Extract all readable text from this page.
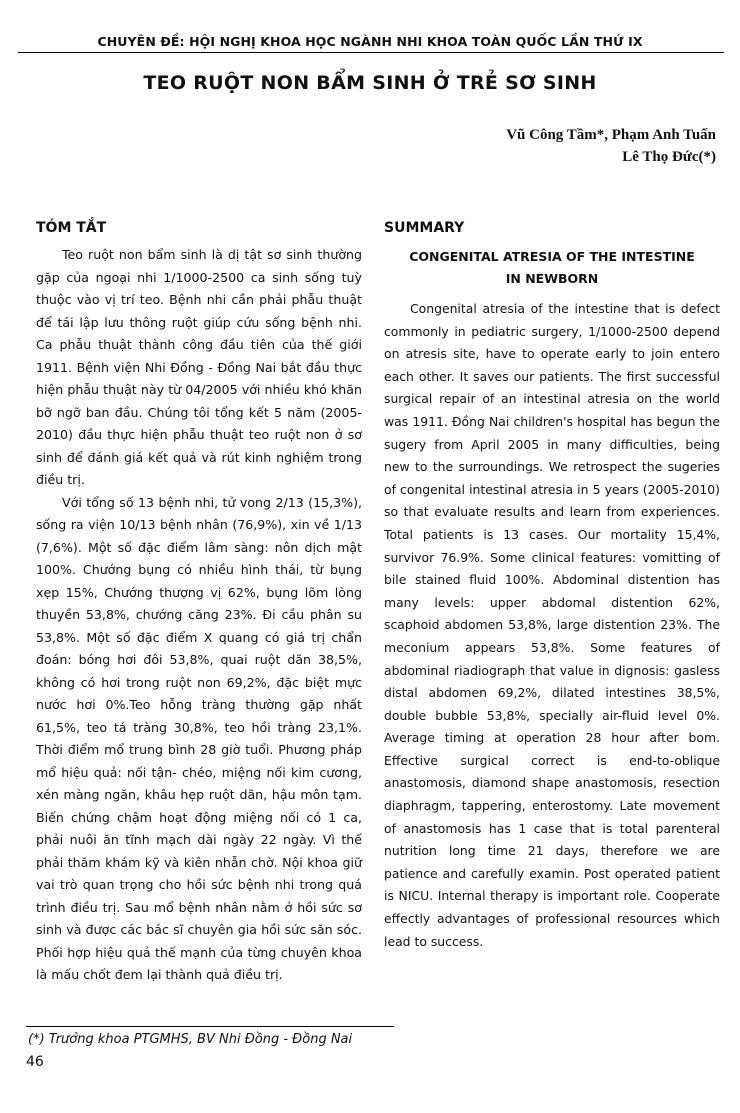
CHUYÊN ĐỀ: HỘI NGHỊ KHOA HỌC NGÀNH NHI KHOA TOÀN QUỐC LẦN THỨ IX
TEO RUỘT NON BẨM SINH Ở TRẺ SƠ SINH
Vũ Công Tầm*, Phạm Anh Tuấn
Lê Thọ Đức(*)
TÓM TẮT

Teo ruột non bẩm sinh là dị tật sơ sinh thường gặp của ngoại nhi 1/1000-2500 ca sinh sống tuỳ thuộc vào vị trí teo. Bệnh nhi cần phải phẫu thuật để tái lập lưu thông ruột giúp cứu sống bệnh nhi. Ca phẫu thuật thành công đầu tiên của thế giới 1911. Bệnh viện Nhi Đồng - Đồng Nai bắt đầu thực hiện phẫu thuật này từ 04/2005 với nhiều khó khăn bỡ ngỡ ban đầu. Chúng tôi tổng kết 5 năm (2005-2010) đầu thực hiện phẫu thuật teo ruột non ở sơ sinh để đánh giá kết quả và rút kinh nghiệm trong điều trị.

Với tổng số 13 bệnh nhi, tử vong 2/13 (15,3%), sống ra viện 10/13 bệnh nhân (76,9%), xin về 1/13 (7,6%). Một số đặc điểm lâm sàng: nôn dịch mật 100%. Chướng bụng có nhiều hình thái, từ bụng xẹp 15%, Chướng thượng vị 62%, bụng lõm lòng thuyền 53,8%, chướng căng 23%. Đi cầu phân su 53,8%. Một số đặc điểm X quang có giá trị chẩn đoán: bóng hơi đôi 53,8%, quai ruột dãn 38,5%, không có hơi trong ruột non 69,2%, đặc biệt mực nước hơi 0%.Teo hỗng tràng thường gặp nhất 61,5%, teo tá tràng 30,8%, teo hồi tràng 23,1%. Thời điểm mổ trung bình 28 giờ tuổi. Phương pháp mổ hiệu quả: nối tận- chéo, miệng nối kim cương, xén màng ngăn, khâu hẹp ruột dãn, hậu môn tạm. Biến chứng chậm hoạt động miệng nối có 1 ca, phải nuôi ăn tĩnh mạch dài ngày 22 ngày. Vì thế phải thăm khám kỹ và kiên nhẫn chờ. Nội khoa giữ vai trò quan trọng cho hồi sức bệnh nhi trong quá trình điều trị. Sau mổ bệnh nhân nằm ở hồi sức sơ sinh và được các bác sĩ chuyên gia hồi sức săn sóc. Phối hợp hiệu quả thế mạnh của từng chuyên khoa là mấu chốt đem lại thành quả điều trị.

SUMMARY
CONGENITAL ATRESIA OF THE INTESTINE
IN NEWBORN

Congenital atresia of the intestine that is defect commonly in pediatric surgery, 1/1000-2500 depend on atresis site, have to operate early to join entero each other. It saves our patients. The first successful surgical repair of an intestinal atresia on the world was 1911. Đồng Nai children's hospital has begun the sugery from April 2005 in many difficulties, being new to the surroundings. We retrospect the sugeries of congenital intestinal atresia in 5 years (2005-2010) so that evaluate results and learn from experiences. Total patients is 13 cases. Our mortality 15,4%, survivor 76.9%. Some clinical features: vomitting of bile stained fluid 100%. Abdominal distention has many levels: upper abdomal distention 62%, scaphoid abdomen 53,8%, large distention 23%. The meconium appears 53,8%. Some features of abdominal riadiograph that value in dignosis: gasless distal abdomen 69,2%, dilated intestines 38,5%, double bubble 53,8%, specially air-fluid level 0%. Average timing at operation 28 hour after bom. Effective surgical correct is end-to-oblique anastomosis, diamond shape anastomosis, resection diaphragm, tappering, enterostomy. Late movement of anastomosis has 1 case that is total parenteral nutrition long time 21 days, therefore we are patience and carefully examin. Post operated patient is NICU. Internal therapy is important role. Cooperate effectly advantages of professional resources which lead to success.

(*) Trưởng khoa PTGMHS, BV Nhi Đồng - Đồng Nai
46
